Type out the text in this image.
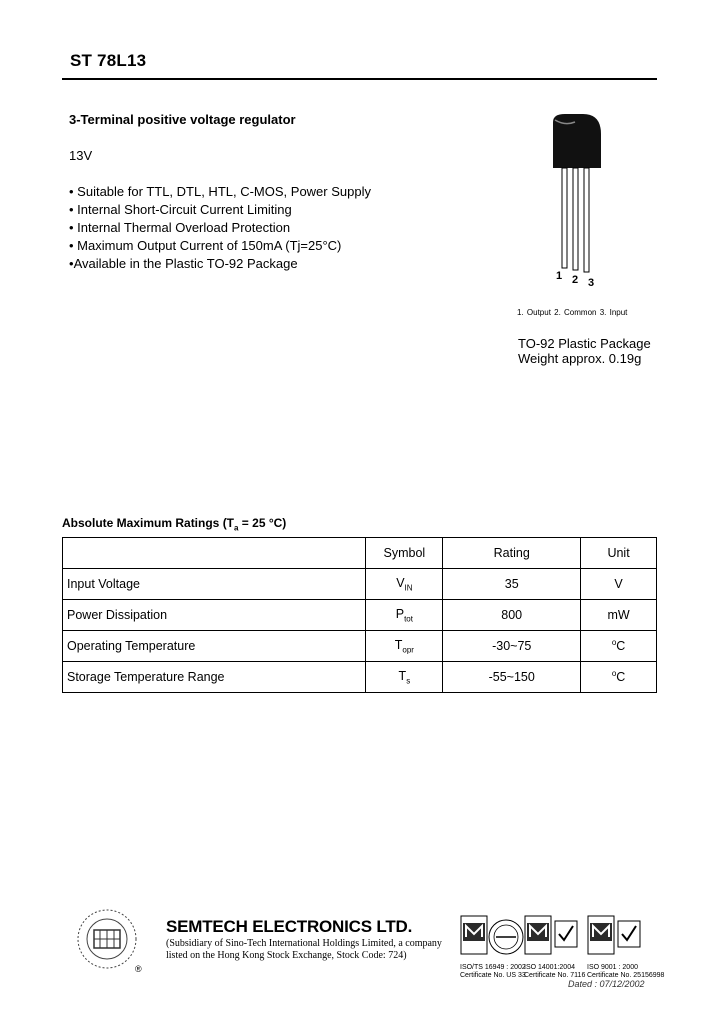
ST 78L13
3-Terminal positive voltage regulator
13V
• Suitable for TTL, DTL, HTL, C-MOS, Power Supply
• Internal Short-Circuit Current Limiting
• Internal Thermal Overload Protection
• Maximum Output Current of 150mA (Tj=25°C)
•Available in the Plastic TO-92 Package
1 2 3
1. Output 2. Common 3. Input
TO-92 Plastic Package
Weight approx. 0.19g
Absolute Maximum Ratings ($T_a = 25$ °C)
	Symbol	Rating	Unit
Input Voltage	$V_{IN}$	35	V
Power Dissipation	$P_{tot}$	800	mW
Operating Temperature	$T_{opr}$	-30~75	$^o$C
Storage Temperature Range	$T_s$	-55~150	$^o$C
®
SEMTECH ELECTRONICS LTD.
(Subsidiary of Sino-Tech International Holdings Limited, a company
listed on the Hong Kong Stock Exchange, Stock Code: 724)
ISO/TS 16949 : 2002
Certificate No. US 33
ISO 14001:2004
Certificate No. 7116
ISO 9001 : 2000
Certificate No. 25156998
Dated : 07/12/2002
